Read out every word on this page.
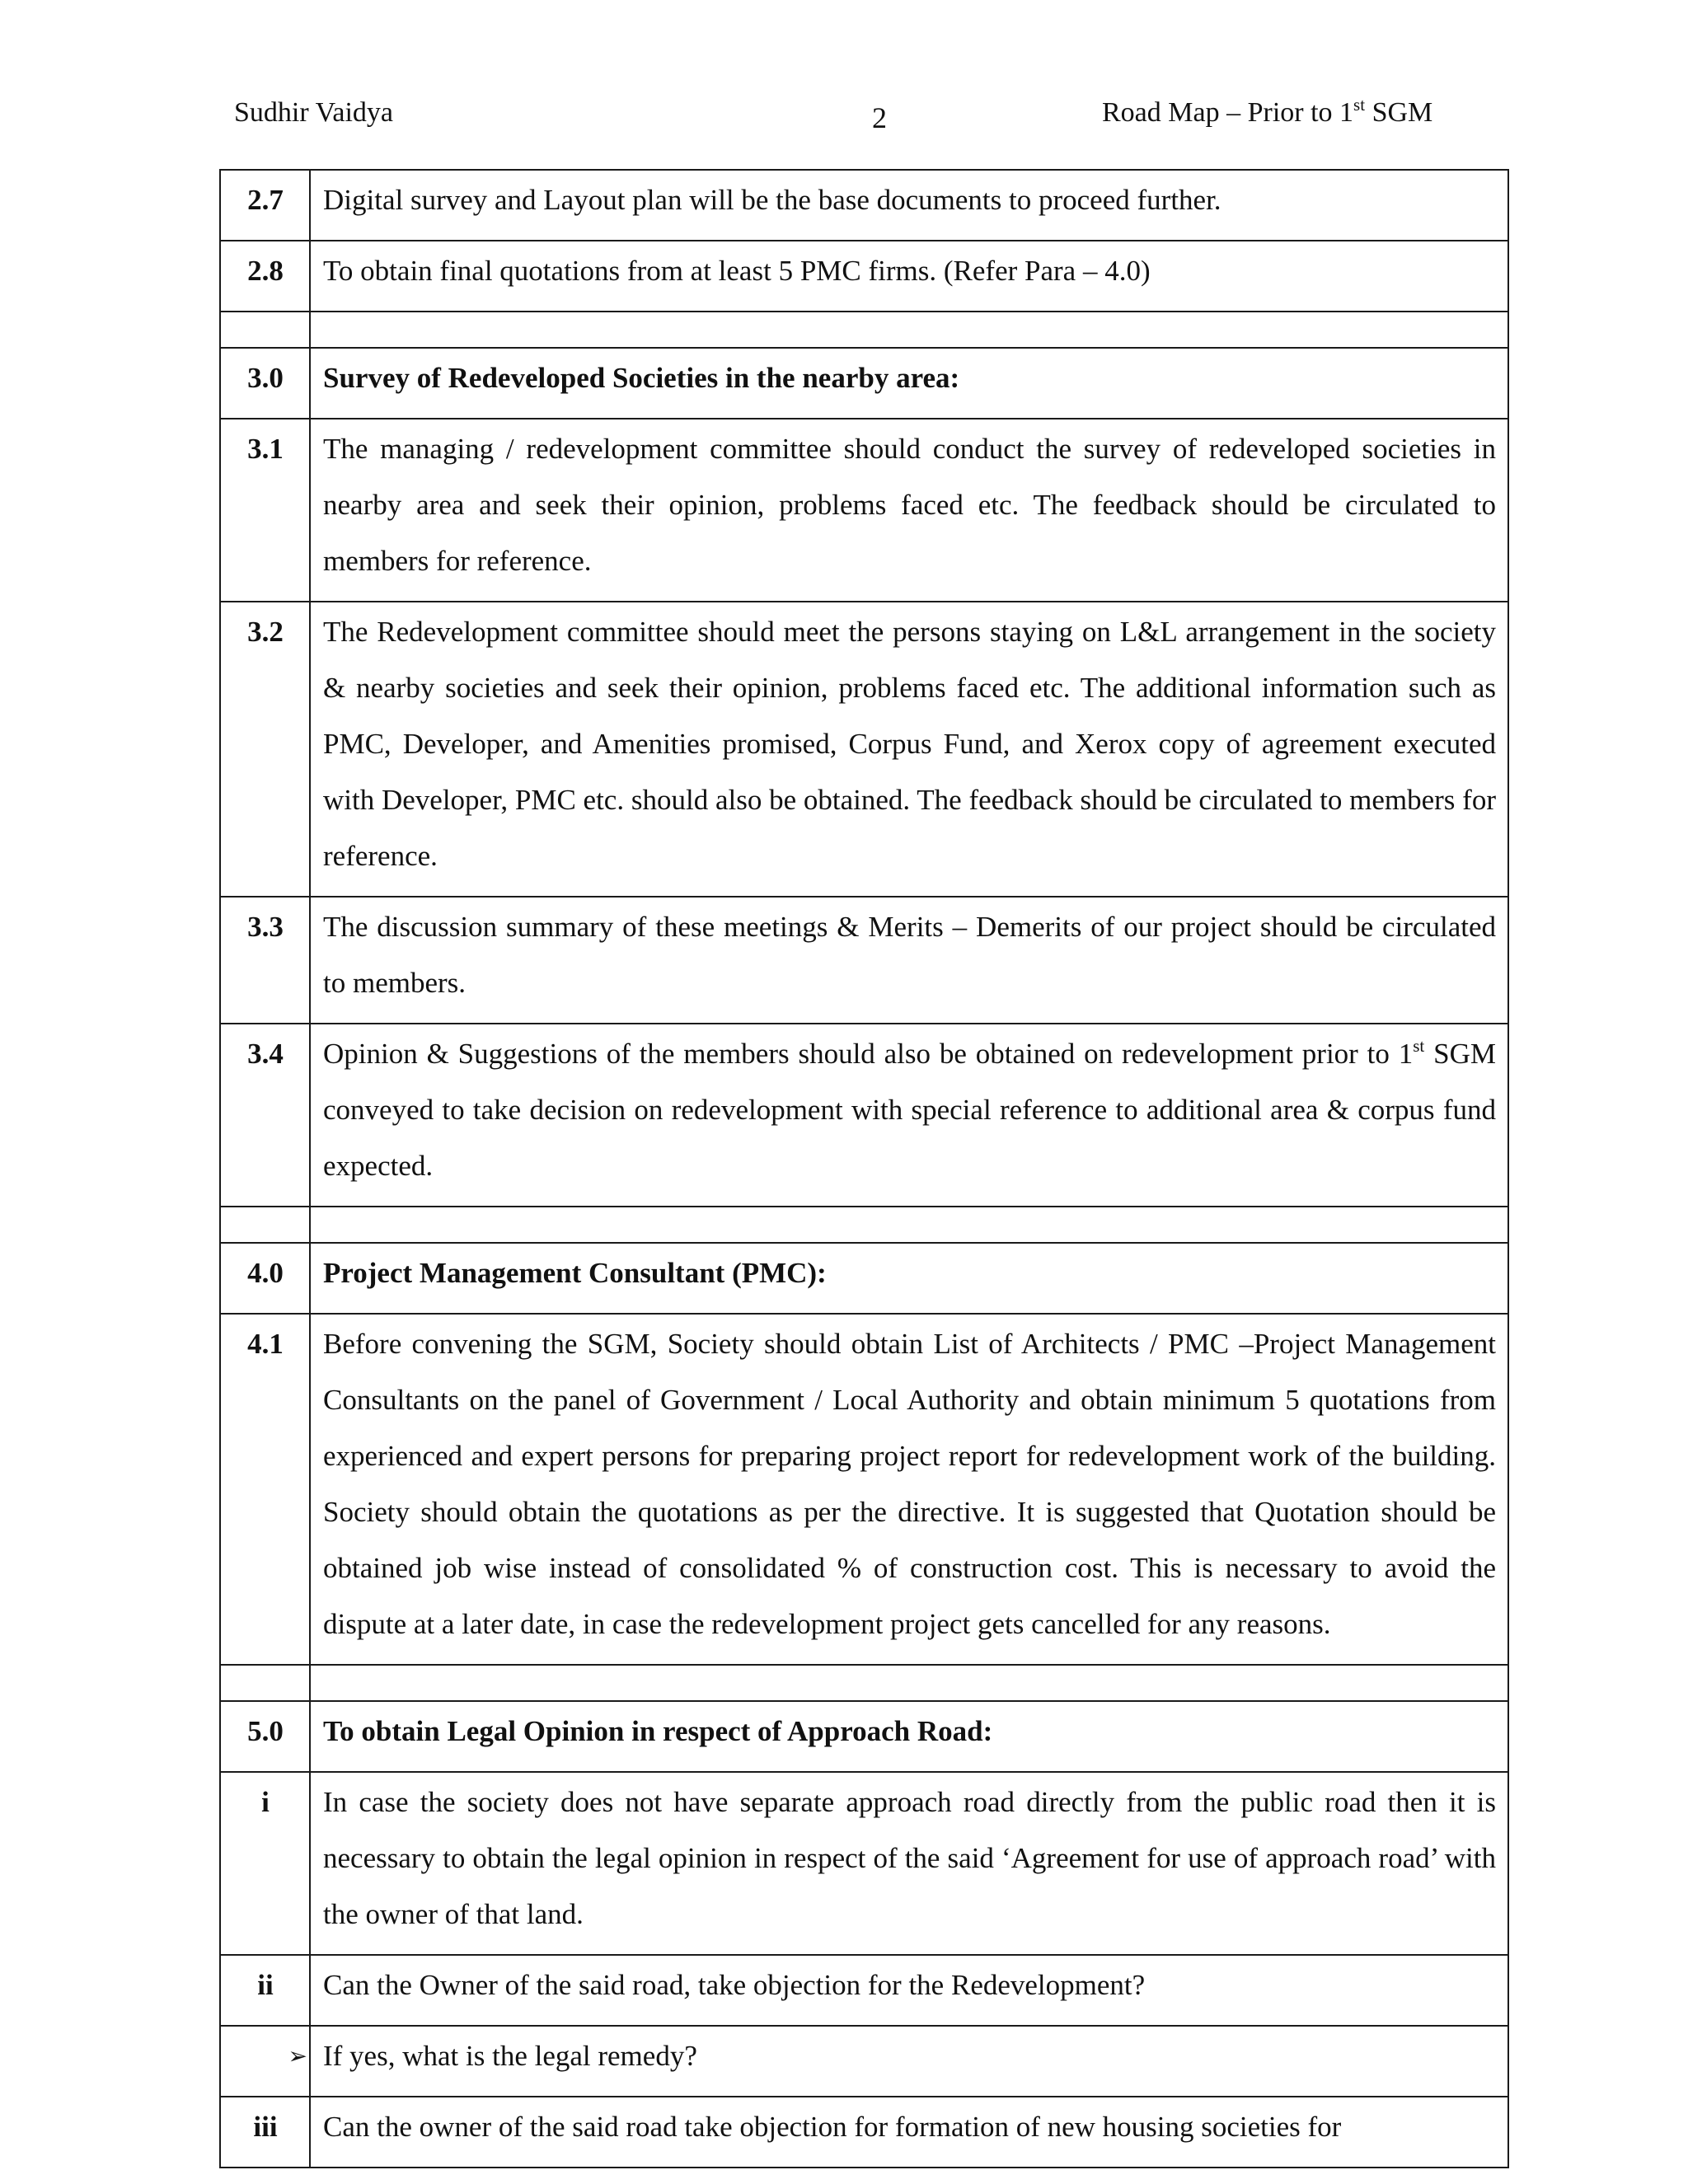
Sudhir Vaidya	2	Road Map – Prior to 1st SGM
2.7	Digital survey and Layout plan will be the base documents to proceed further.
2.8	To obtain final quotations from at least 5 PMC firms. (Refer Para – 4.0)

3.0	Survey of Redeveloped Societies in the nearby area:
3.1	The managing / redevelopment committee should conduct the survey of redeveloped societies in nearby area and seek their opinion, problems faced etc. The feedback should be circulated to members for reference.
3.2	The Redevelopment committee should meet the persons staying on L&L arrangement in the society & nearby societies and seek their opinion, problems faced etc. The additional information such as PMC, Developer, and Amenities promised, Corpus Fund, and Xerox copy of agreement executed with Developer, PMC etc. should also be obtained. The feedback should be circulated to members for reference.
3.3	The discussion summary of these meetings & Merits – Demerits of our project should be circulated to members.
3.4	Opinion & Suggestions of the members should also be obtained on redevelopment prior to 1st SGM conveyed to take decision on redevelopment with special reference to additional area & corpus fund expected.

4.0	Project Management Consultant (PMC):
4.1	Before convening the SGM, Society should obtain List of Architects / PMC –Project Management Consultants on the panel of Government / Local Authority and obtain minimum 5 quotations from experienced and expert persons for preparing project report for redevelopment work of the building. Society should obtain the quotations as per the directive. It is suggested that Quotation should be obtained job wise instead of consolidated % of construction cost. This is necessary to avoid the dispute at a later date, in case the redevelopment project gets cancelled for any reasons.

5.0	To obtain Legal Opinion in respect of Approach Road:
i	In case the society does not have separate approach road directly from the public road then it is necessary to obtain the legal opinion in respect of the said ‘Agreement for use of approach road’ with the owner of that land.
ii	Can the Owner of the said road, take objection for the Redevelopment?
➢	If yes, what is the legal remedy?
iii	Can the owner of the said road take objection for formation of new housing societies for
